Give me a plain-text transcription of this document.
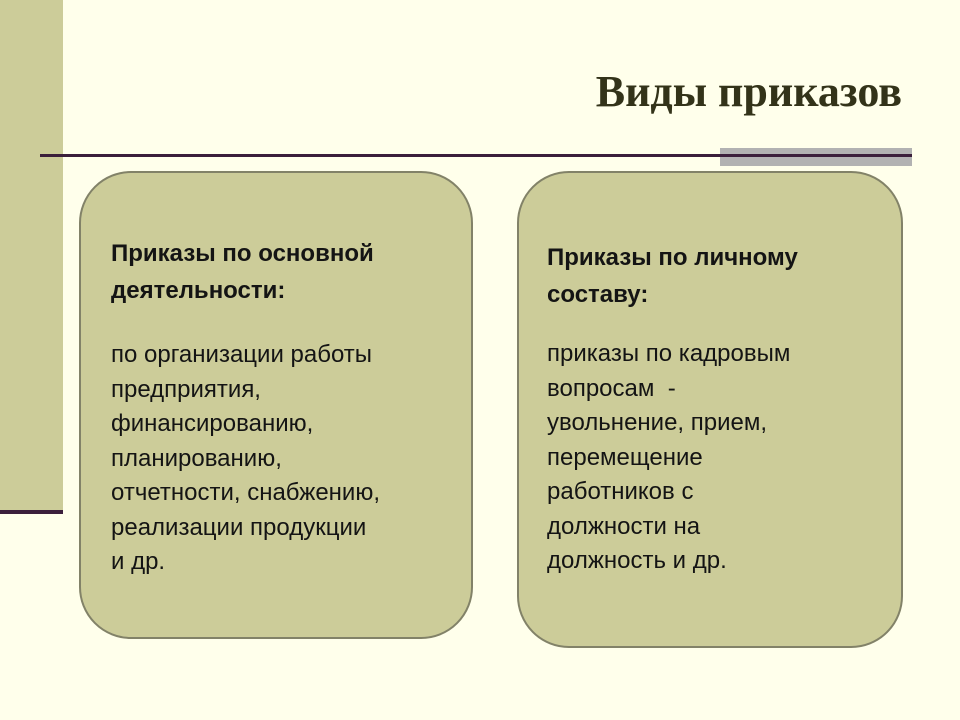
Виды приказов

Приказы по основной
деятельности:

по организации работы
предприятия,
финансированию,
планированию,
отчетности, снабжению,
реализации продукции
и др.

Приказы по личному
составу:

приказы по кадровым
вопросам  -
увольнение, прием,
перемещение
работников с
должности на
должность и др.
